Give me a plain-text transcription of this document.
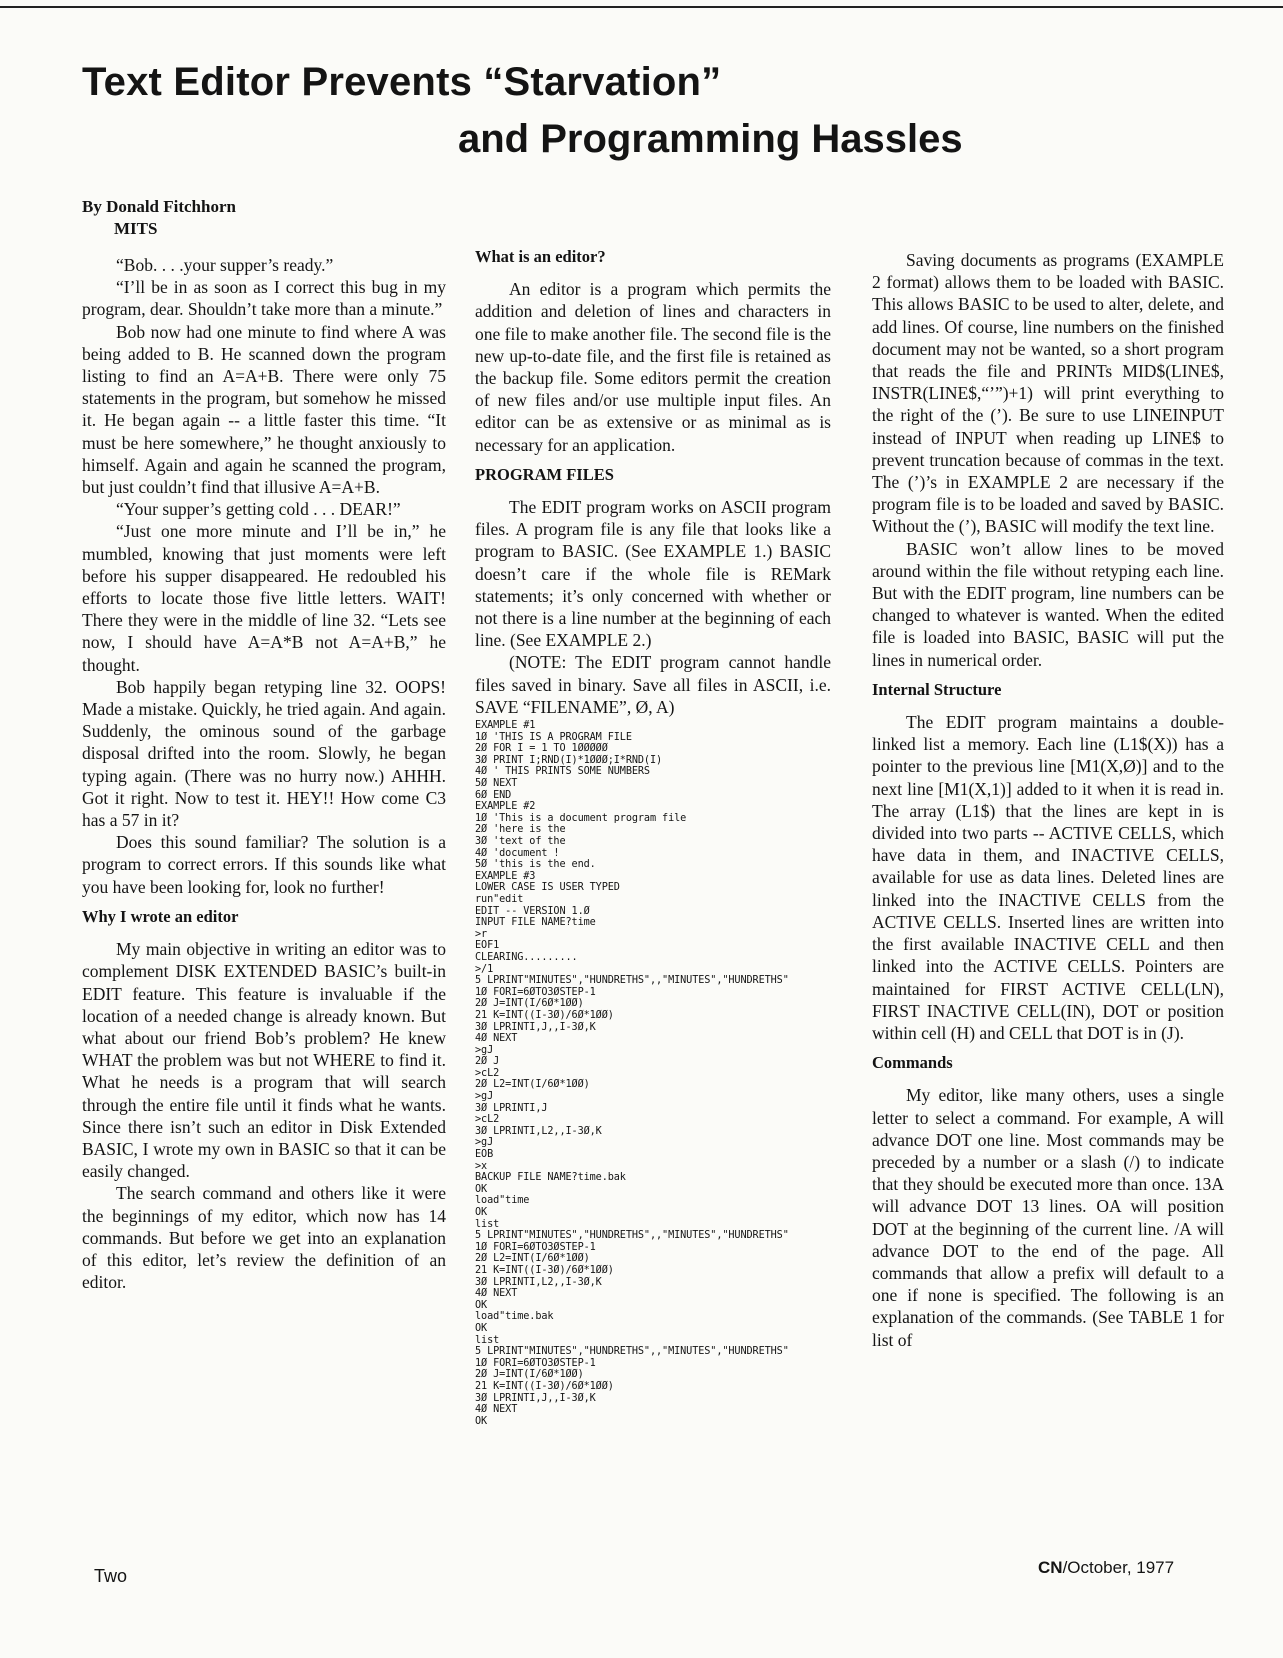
Text Editor Prevents “Starvation”
and Programming Hassles
By Donald Fitchhorn
MITS

“Bob. . . .your supper’s ready.”

“I’ll be in as soon as I correct this bug in my program, dear. Shouldn’t take more than a minute.”

Bob now had one minute to find where A was being added to B. He scanned down the program listing to find an A=A+B. There were only 75 statements in the program, but somehow he missed it. He began again -- a little faster this time. “It must be here somewhere,” he thought anxiously to himself. Again and again he scanned the program, but just couldn’t find that illusive A=A+B.

“Your supper’s getting cold . . . DEAR!”

“Just one more minute and I’ll be in,” he mumbled, knowing that just moments were left before his supper disappeared. He redoubled his efforts to locate those five little letters. WAIT! There they were in the middle of line 32. “Lets see now, I should have A=A*B not A=A+B,” he thought.

Bob happily began retyping line 32. OOPS! Made a mistake. Quickly, he tried again. And again. Suddenly, the ominous sound of the garbage disposal drifted into the room. Slowly, he began typing again. (There was no hurry now.) AHHH. Got it right. Now to test it. HEY!! How come C3 has a 57 in it?

Does this sound familiar? The solution is a program to correct errors. If this sounds like what you have been looking for, look no further!

Why I wrote an editor

My main objective in writing an editor was to complement DISK EXTENDED BASIC’s built-in EDIT feature. This feature is invaluable if the location of a needed change is already known. But what about our friend Bob’s problem? He knew WHAT the problem was but not WHERE to find it. What he needs is a program that will search through the entire file until it finds what he wants. Since there isn’t such an editor in Disk Extended BASIC, I wrote my own in BASIC so that it can be easily changed.

The search command and others like it were the beginnings of my editor, which now has 14 commands. But before we get into an explanation of this editor, let’s review the definition of an editor.

What is an editor?

An editor is a program which permits the addition and deletion of lines and characters in one file to make another file. The second file is the new up-to-date file, and the first file is retained as the backup file. Some editors permit the creation of new files and/or use multiple input files. An editor can be as extensive or as minimal as is necessary for an application.

PROGRAM FILES

The EDIT program works on ASCII program files. A program file is any file that looks like a program to BASIC. (See EXAMPLE 1.) BASIC doesn’t care if the whole file is REMark statements; it’s only concerned with whether or not there is a line number at the beginning of each line. (See EXAMPLE 2.)

(NOTE: The EDIT program cannot handle files saved in binary. Save all files in ASCII, i.e. SAVE “FILENAME”, Ø, A)

EXAMPLE #1
1Ø 'THIS IS A PROGRAM FILE
2Ø FOR I = 1 TO 1ØØØØØ
3Ø PRINT I;RND(I)*1ØØØ;I*RND(I)
4Ø ' THIS PRINTS SOME NUMBERS
5Ø NEXT
6Ø END
EXAMPLE #2
1Ø 'This is a document program file
2Ø 'here is the
3Ø 'text of the
4Ø 'document !
5Ø 'this is the end.
EXAMPLE #3
LOWER CASE IS USER TYPED
run"edit
EDIT -- VERSION 1.Ø
INPUT FILE NAME?time
>r
EOF1
CLEARING.........
>/1
5 LPRINT"MINUTES","HUNDRETHS",,"MINUTES","HUNDRETHS"
1Ø FORI=6ØTO3ØSTEP-1
2Ø J=INT(I/6Ø*1ØØ)
21 K=INT((I-3Ø)/6Ø*1ØØ)
3Ø LPRINTI,J,,I-3Ø,K
4Ø NEXT
>gJ
2Ø J
>cL2
2Ø L2=INT(I/6Ø*1ØØ)
>gJ
3Ø LPRINTI,J
>cL2
3Ø LPRINTI,L2,,I-3Ø,K
>gJ
EOB
>x
BACKUP FILE NAME?time.bak
OK
load"time
OK
list
5 LPRINT"MINUTES","HUNDRETHS",,"MINUTES","HUNDRETHS"
1Ø FORI=6ØTO3ØSTEP-1
2Ø L2=INT(I/6Ø*1ØØ)
21 K=INT((I-3Ø)/6Ø*1ØØ)
3Ø LPRINTI,L2,,I-3Ø,K
4Ø NEXT
OK
load"time.bak
OK
list
5 LPRINT"MINUTES","HUNDRETHS",,"MINUTES","HUNDRETHS"
1Ø FORI=6ØTO3ØSTEP-1
2Ø J=INT(I/6Ø*1ØØ)
21 K=INT((I-3Ø)/6Ø*1ØØ)
3Ø LPRINTI,J,,I-3Ø,K
4Ø NEXT
OK

Saving documents as programs (EXAMPLE 2 format) allows them to be loaded with BASIC. This allows BASIC to be used to alter, delete, and add lines. Of course, line numbers on the finished document may not be wanted, so a short program that reads the file and PRINTs MID$(LINE$, INSTR(LINE$,“’”)+1) will print everything to the right of the (’). Be sure to use LINEINPUT instead of INPUT when reading up LINE$ to prevent truncation because of commas in the text. The (’)’s in EXAMPLE 2 are necessary if the program file is to be loaded and saved by BASIC. Without the (’), BASIC will modify the text line.

BASIC won’t allow lines to be moved around within the file without retyping each line. But with the EDIT program, line numbers can be changed to whatever is wanted. When the edited file is loaded into BASIC, BASIC will put the lines in numerical order.

Internal Structure

The EDIT program maintains a double-linked list a memory. Each line (L1$(X)) has a pointer to the previous line [M1(X,Ø)] and to the next line [M1(X,1)] added to it when it is read in. The array (L1$) that the lines are kept in is divided into two parts -- ACTIVE CELLS, which have data in them, and INACTIVE CELLS, available for use as data lines. Deleted lines are linked into the INACTIVE CELLS from the ACTIVE CELLS. Inserted lines are written into the first available INACTIVE CELL and then linked into the ACTIVE CELLS. Pointers are maintained for FIRST ACTIVE CELL(LN), FIRST INACTIVE CELL(IN), DOT or position within cell (H) and CELL that DOT is in (J).

Commands

My editor, like many others, uses a single letter to select a command. For example, A will advance DOT one line. Most commands may be preceded by a number or a slash (/) to indicate that they should be executed more than once. 13A will advance DOT 13 lines. OA will position DOT at the beginning of the current line. /A will advance DOT to the end of the page. All commands that allow a prefix will default to a one if none is specified. The following is an explanation of the commands. (See TABLE 1 for list of

Two	CN/October, 1977
